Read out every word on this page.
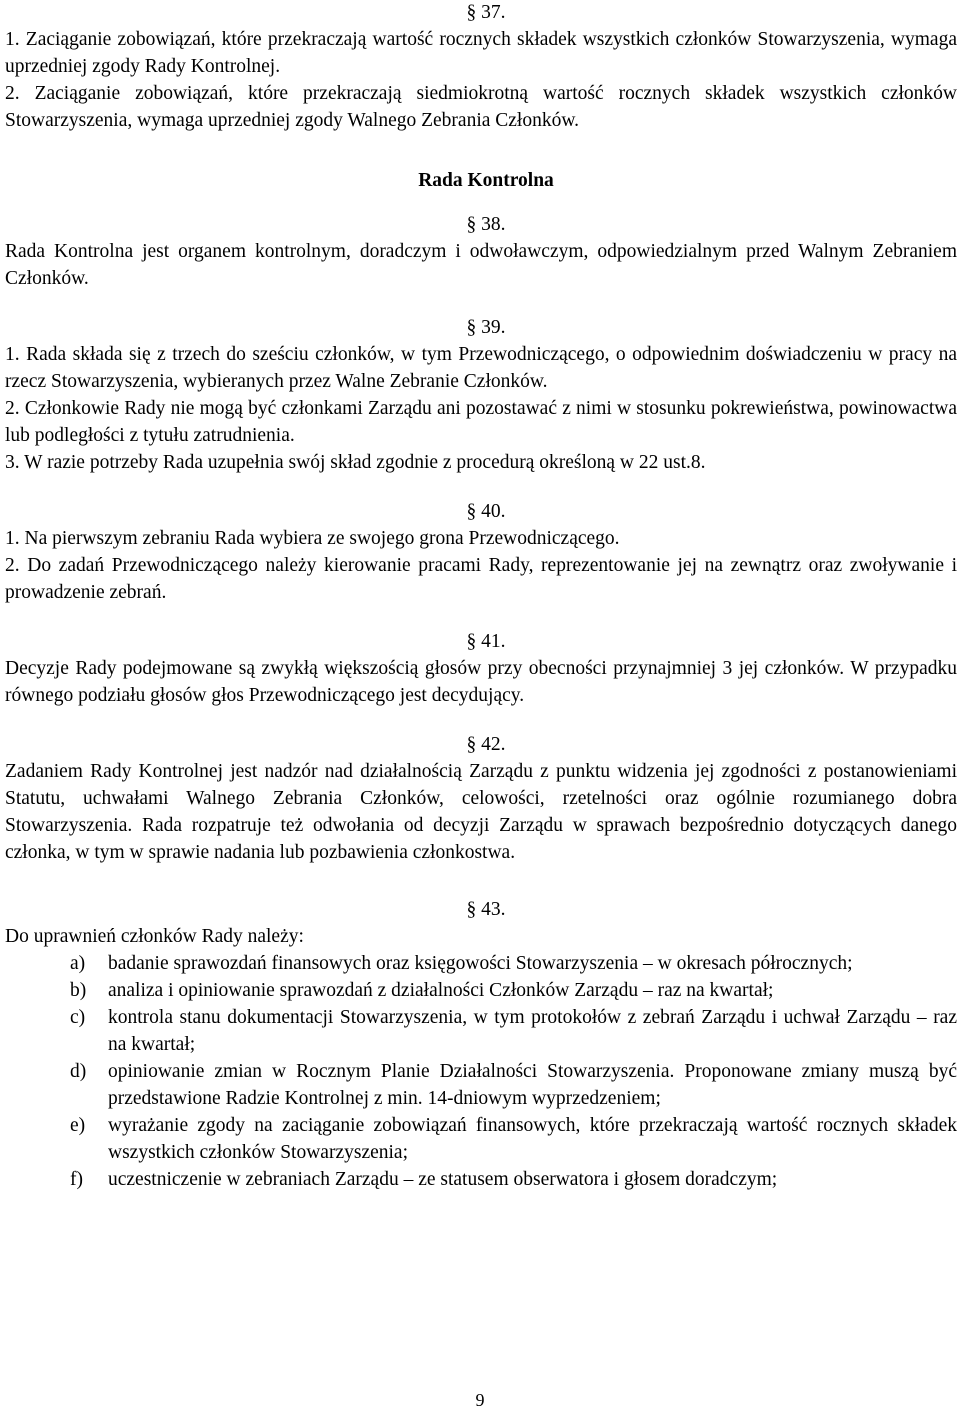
§ 37.

1. Zaciąganie zobowiązań, które przekraczają wartość rocznych składek wszystkich członków Stowarzyszenia, wymaga uprzedniej zgody Rady Kontrolnej.

2. Zaciąganie zobowiązań, które przekraczają siedmiokrotną wartość rocznych składek wszystkich członków Stowarzyszenia, wymaga uprzedniej zgody Walnego Zebrania Członków.

Rada Kontrolna
§ 38.

Rada Kontrolna jest organem kontrolnym, doradczym i odwoławczym, odpowiedzialnym przed Walnym Zebraniem Członków.

§ 39.

1. Rada składa się z trzech do sześciu członków, w tym Przewodniczącego, o odpowiednim doświadczeniu w pracy na rzecz Stowarzyszenia, wybieranych przez Walne Zebranie Członków.

2. Członkowie Rady nie mogą być członkami Zarządu ani pozostawać z nimi w stosunku pokrewieństwa, powinowactwa lub podległości z tytułu zatrudnienia.

3. W razie potrzeby Rada uzupełnia swój skład zgodnie z procedurą określoną w 22 ust.8.

§ 40.

1. Na pierwszym zebraniu Rada wybiera ze swojego grona Przewodniczącego.

2. Do zadań Przewodniczącego należy kierowanie pracami Rady, reprezentowanie jej na zewnątrz oraz zwoływanie i prowadzenie zebrań.

§ 41.

Decyzje Rady podejmowane są zwykłą większością głosów przy obecności przynajmniej 3 jej członków. W przypadku równego podziału głosów głos Przewodniczącego jest decydujący.

§ 42.

Zadaniem Rady Kontrolnej jest nadzór nad działalnością Zarządu z punktu widzenia jej zgodności z postanowieniami Statutu, uchwałami Walnego Zebrania Członków, celowości, rzetelności oraz ogólnie rozumianego dobra Stowarzyszenia. Rada rozpatruje też odwołania od decyzji Zarządu w sprawach bezpośrednio dotyczących danego członka, w tym w sprawie nadania lub pozbawienia członkostwa.

§ 43.

Do uprawnień członków Rady należy:

a) badanie sprawozdań finansowych oraz księgowości Stowarzyszenia – w okresach półrocznych;
b) analiza i opiniowanie sprawozdań z działalności Członków Zarządu – raz na kwartał;
c) kontrola stanu dokumentacji Stowarzyszenia, w tym protokołów z zebrań Zarządu i uchwał Zarządu – raz na kwartał;
d) opiniowanie zmian w Rocznym Planie Działalności Stowarzyszenia. Proponowane zmiany muszą być przedstawione Radzie Kontrolnej z min. 14-dniowym wyprzedzeniem;
e) wyrażanie zgody na zaciąganie zobowiązań finansowych, które przekraczają wartość rocznych składek wszystkich członków Stowarzyszenia;
f) uczestniczenie w zebraniach Zarządu – ze statusem obserwatora i głosem doradczym;
9
